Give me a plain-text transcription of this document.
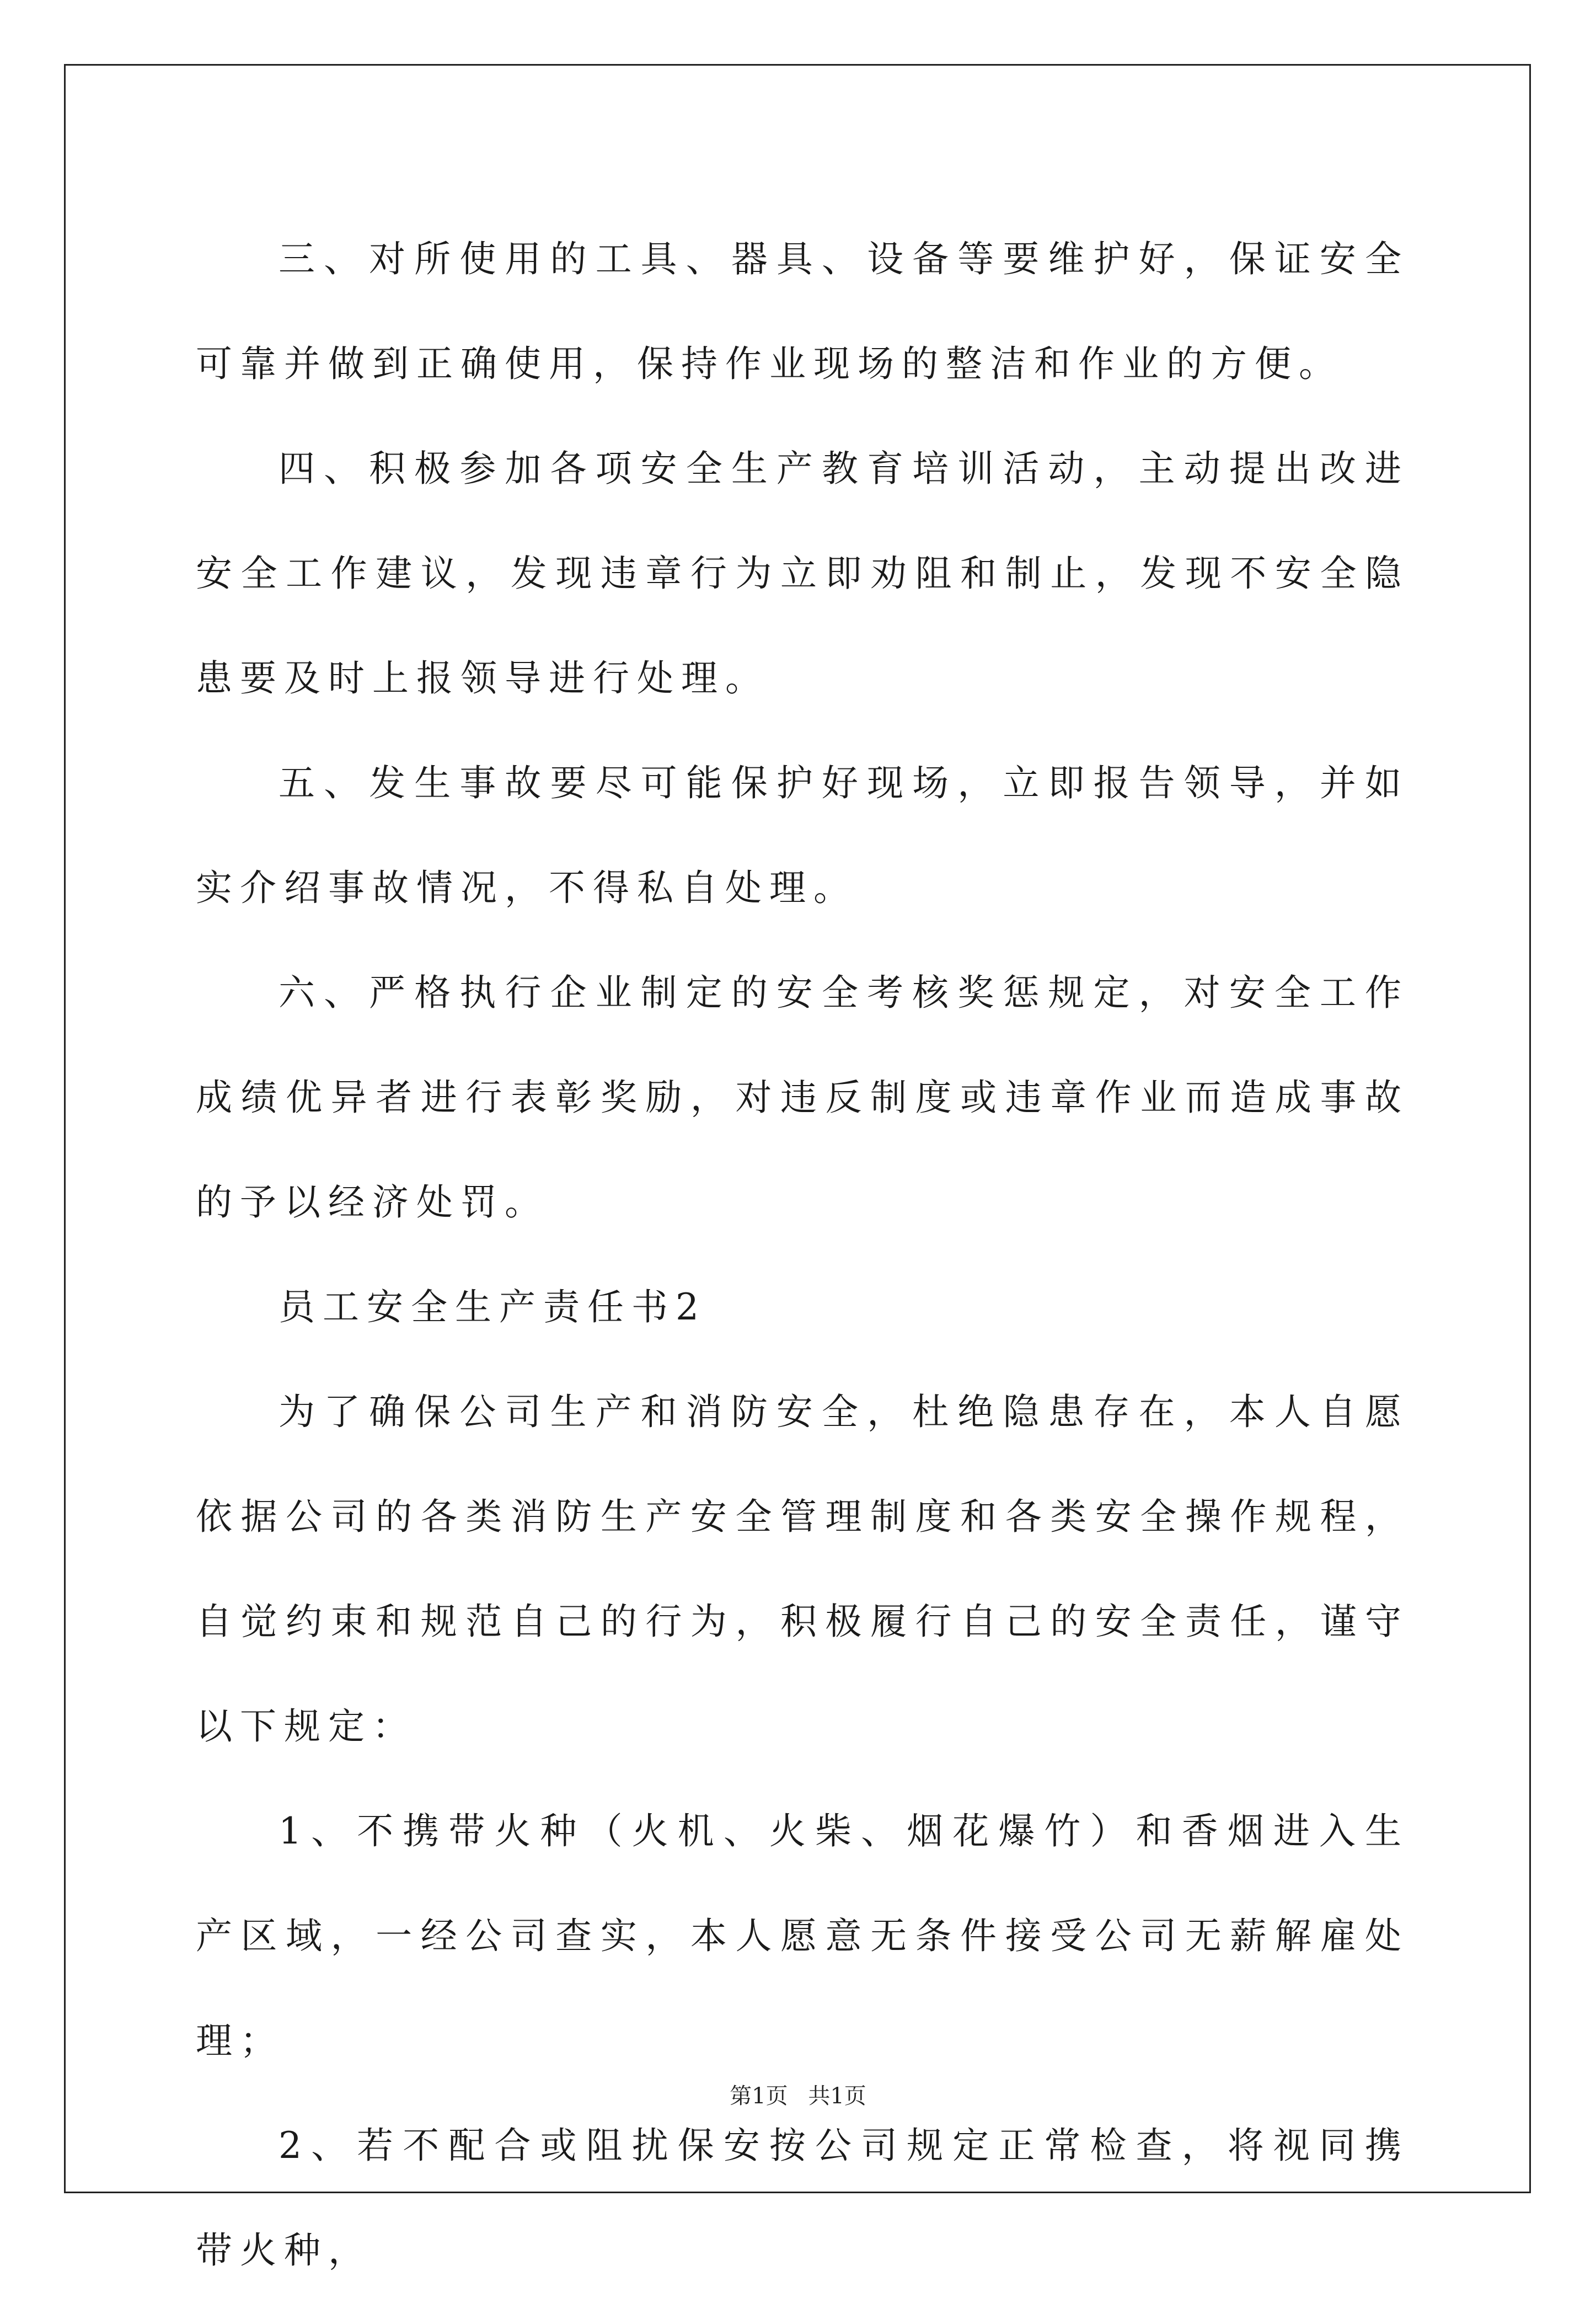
三、对所使用的工具、器具、设备等要维护好，保证安全可靠并做到正确使用，保持作业现场的整洁和作业的方便。

四、积极参加各项安全生产教育培训活动，主动提出改进安全工作建议，发现违章行为立即劝阻和制止，发现不安全隐患要及时上报领导进行处理。

五、发生事故要尽可能保护好现场，立即报告领导，并如实介绍事故情况，不得私自处理。

六、严格执行企业制定的安全考核奖惩规定，对安全工作成绩优异者进行表彰奖励，对违反制度或违章作业而造成事故的予以经济处罚。

员工安全生产责任书2

为了确保公司生产和消防安全，杜绝隐患存在，本人自愿依据公司的各类消防生产安全管理制度和各类安全操作规程，自觉约束和规范自己的行为，积极履行自己的安全责任，谨守以下规定：

1、不携带火种（火机、火柴、烟花爆竹）和香烟进入生产区域，一经公司查实，本人愿意无条件接受公司无薪解雇处理；

2、若不配合或阻扰保安按公司规定正常检查，将视同携带火种，

第1页 共1页
